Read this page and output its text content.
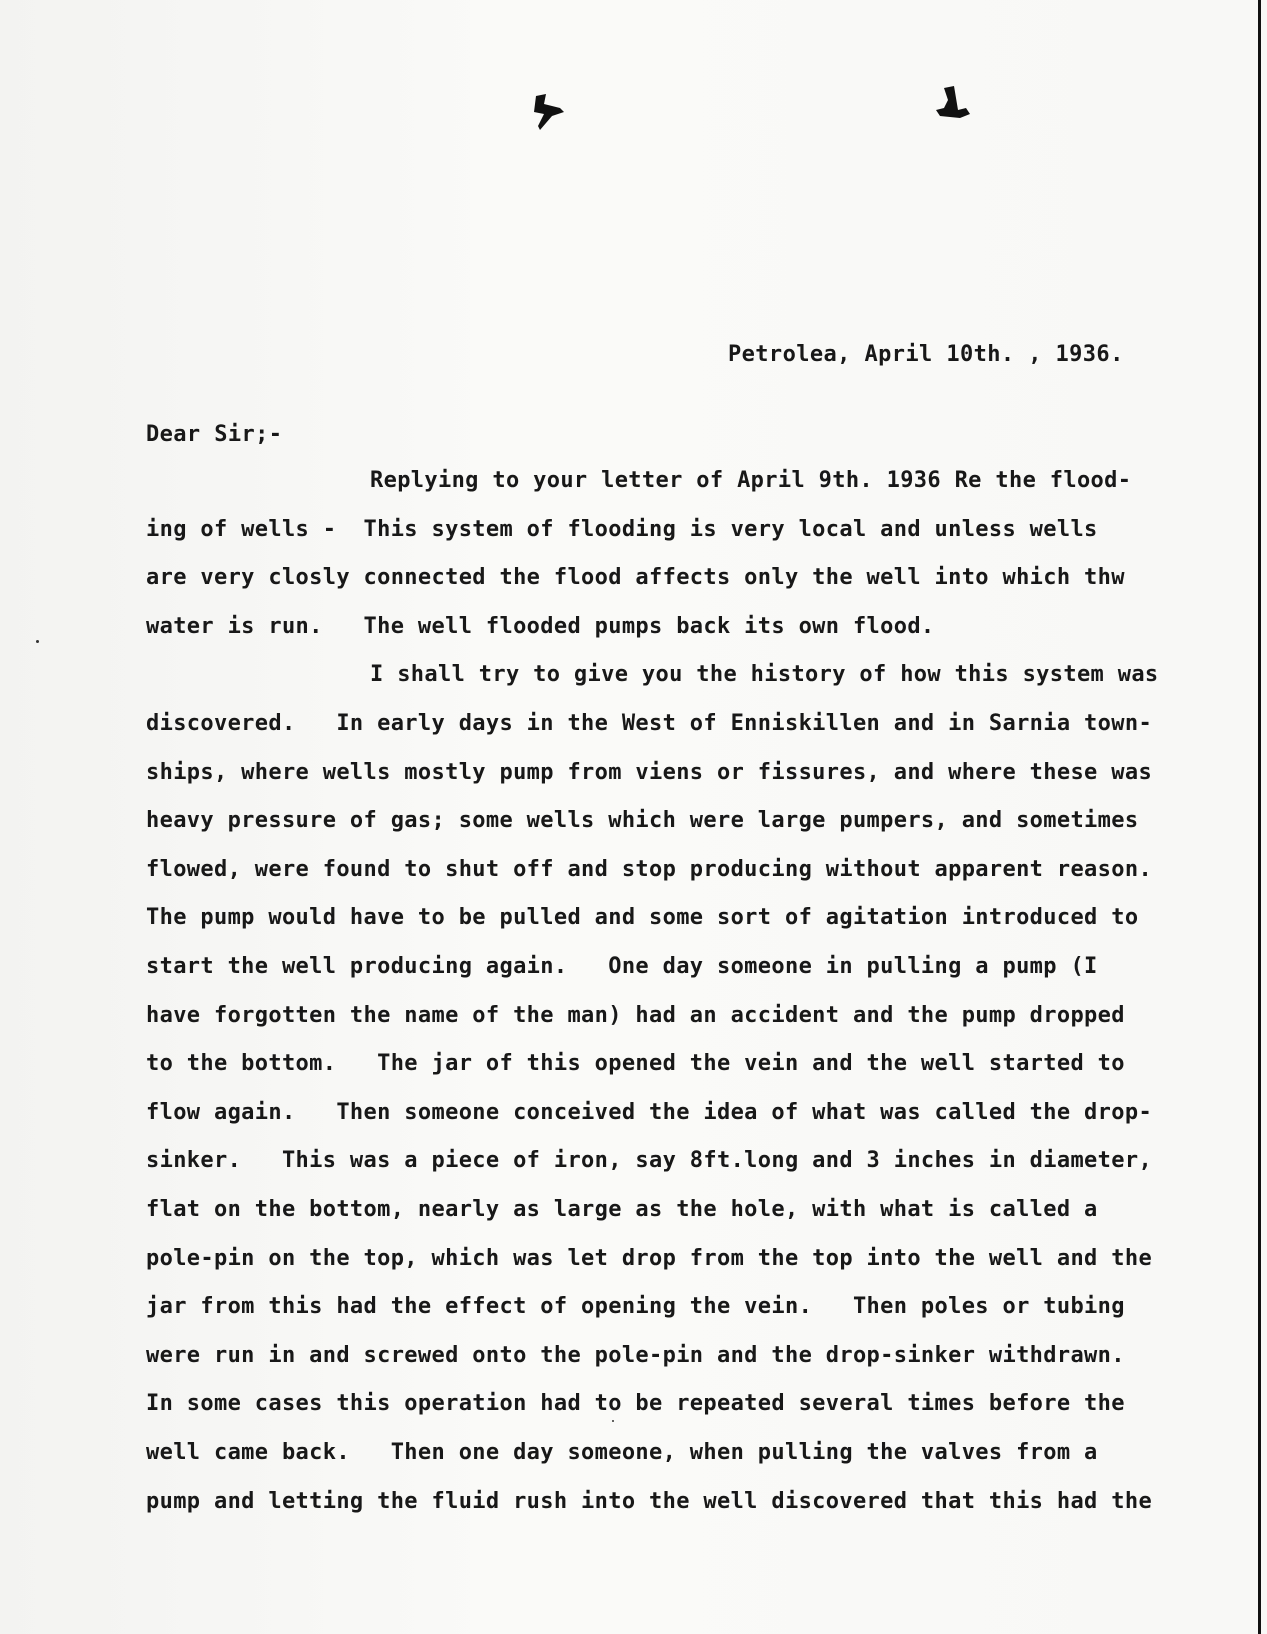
Petrolea, April 10th. , 1936.
Dear Sir;-
Replying to your letter of April 9th. 1936 Re the flood-
ing of wells -  This system of flooding is very local and unless wells
are very closly connected the flood affects only the well into which thw
water is run.   The well flooded pumps back its own flood.
I shall try to give you the history of how this system was
discovered.   In early days in the West of Enniskillen and in Sarnia town-
ships, where wells mostly pump from viens or fissures, and where these was
heavy pressure of gas; some wells which were large pumpers, and sometimes
flowed, were found to shut off and stop producing without apparent reason.
The pump would have to be pulled and some sort of agitation introduced to
start the well producing again.   One day someone in pulling a pump (I
have forgotten the name of the man) had an accident and the pump dropped
to the bottom.   The jar of this opened the vein and the well started to
flow again.   Then someone conceived the idea of what was called the drop-
sinker.   This was a piece of iron, say 8ft.long and 3 inches in diameter,
flat on the bottom, nearly as large as the hole, with what is called a
pole-pin on the top, which was let drop from the top into the well and the
jar from this had the effect of opening the vein.   Then poles or tubing
were run in and screwed onto the pole-pin and the drop-sinker withdrawn.
In some cases this operation had to be repeated several times before the
well came back.   Then one day someone, when pulling the valves from a
pump and letting the fluid rush into the well discovered that this had the
